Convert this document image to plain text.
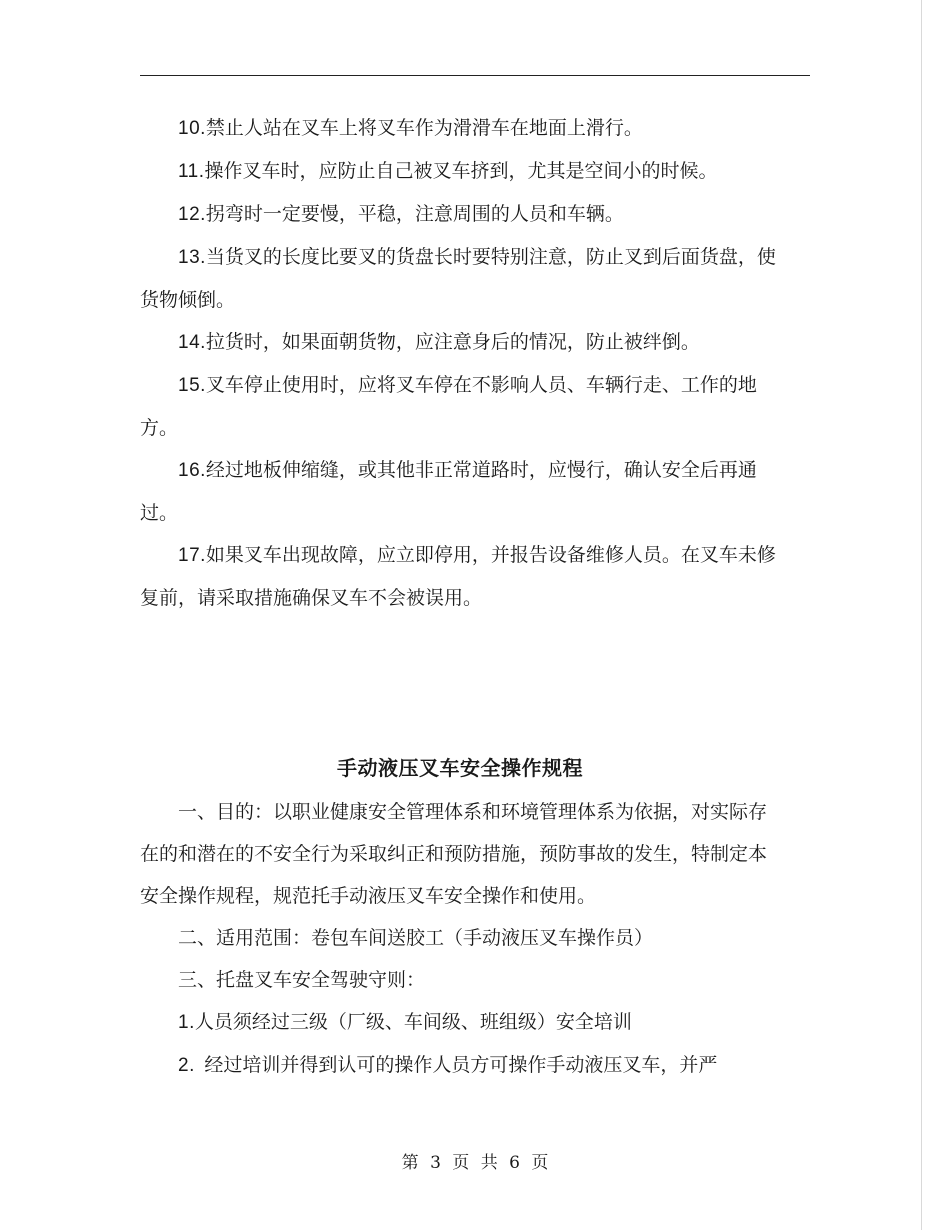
10.禁止人站在叉车上将叉车作为滑滑车在地面上滑行。

11.操作叉车时，应防止自己被叉车挤到，尤其是空间小的时候。

12.拐弯时一定要慢，平稳，注意周围的人员和车辆。

13.当货叉的长度比要叉的货盘长时要特别注意，防止叉到后面货盘，使货物倾倒。

14.拉货时，如果面朝货物，应注意身后的情况，防止被绊倒。

15.叉车停止使用时，应将叉车停在不影响人员、车辆行走、工作的地方。

16.经过地板伸缩缝，或其他非正常道路时，应慢行，确认安全后再通过。

17.如果叉车出现故障，应立即停用，并报告设备维修人员。在叉车未修复前，请采取措施确保叉车不会被误用。

手动液压叉车安全操作规程

一、目的：以职业健康安全管理体系和环境管理体系为依据，对实际存在的和潜在的不安全行为采取纠正和预防措施，预防事故的发生，特制定本安全操作规程，规范托手动液压叉车安全操作和使用。

二、适用范围：卷包车间送胶工（手动液压叉车操作员）

三、托盘叉车安全驾驶守则：

1.人员须经过三级（厂级、车间级、班组级）安全培训

2.  经过培训并得到认可的操作人员方可操作手动液压叉车，并严

第 3 页 共 6 页
